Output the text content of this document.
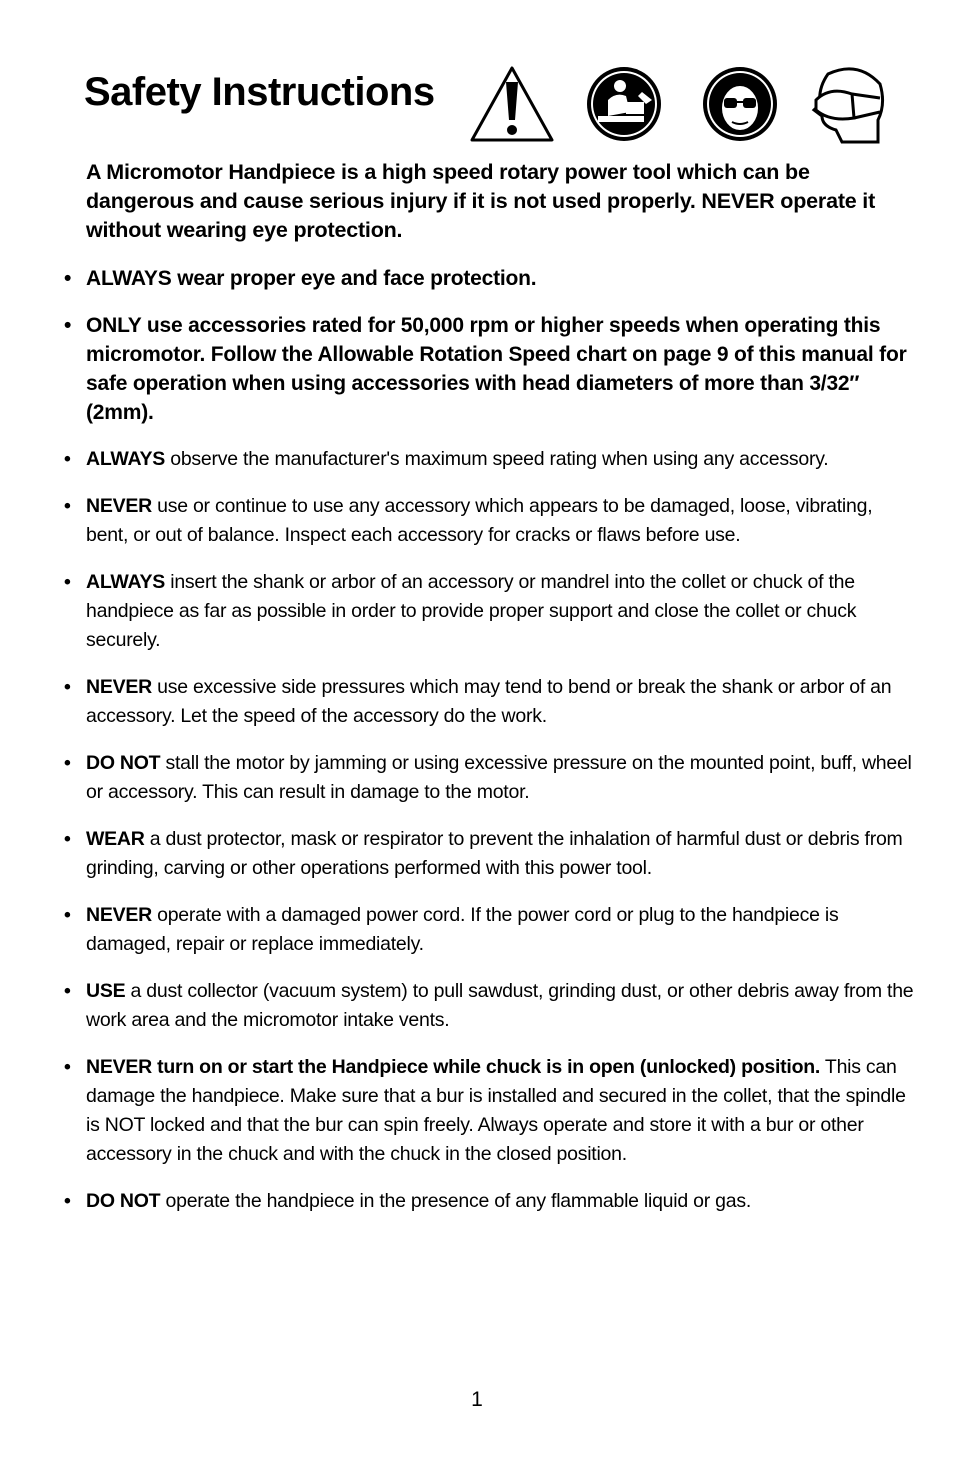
Safety Instructions
A Micromotor Handpiece is a high speed rotary power tool which can be dangerous and cause serious injury if it is not used properly. NEVER operate it without wearing eye protection.
• ALWAYS wear proper eye and face protection.
• ONLY use accessories rated for 50,000 rpm or higher speeds when operating this micromotor. Follow the Allowable Rotation Speed chart on page 9 of this manual for safe operation when using accessories with head diameters of more than 3/32″ (2mm).
• ALWAYS observe the manufacturer's maximum speed rating when using any accessory.
• NEVER use or continue to use any accessory which appears to be damaged, loose, vibrating, bent, or out of balance. Inspect each accessory for cracks or flaws before use.
• ALWAYS insert the shank or arbor of an accessory or mandrel into the collet or chuck of the handpiece as far as possible in order to provide proper support and close the collet or chuck securely.
• NEVER use excessive side pressures which may tend to bend or break the shank or arbor of an accessory. Let the speed of the accessory do the work.
• DO NOT stall the motor by jamming or using excessive pressure on the mounted point, buff, wheel or accessory. This can result in damage to the motor.
• WEAR a dust protector, mask or respirator to prevent the inhalation of harmful dust or debris from grinding, carving or other operations performed with this power tool.
• NEVER operate with a damaged power cord. If the power cord or plug to the handpiece is damaged, repair or replace immediately.
• USE a dust collector (vacuum system) to pull sawdust, grinding dust, or other debris away from the work area and the micromotor intake vents.
• NEVER turn on or start the Handpiece while chuck is in open (unlocked) position. This can damage the handpiece. Make sure that a bur is installed and secured in the collet, that the spindle is NOT locked and that the bur can spin freely. Always operate and store it with a bur or other accessory in the chuck and with the chuck in the closed position.
• DO NOT operate the handpiece in the presence of any flammable liquid or gas.
1
